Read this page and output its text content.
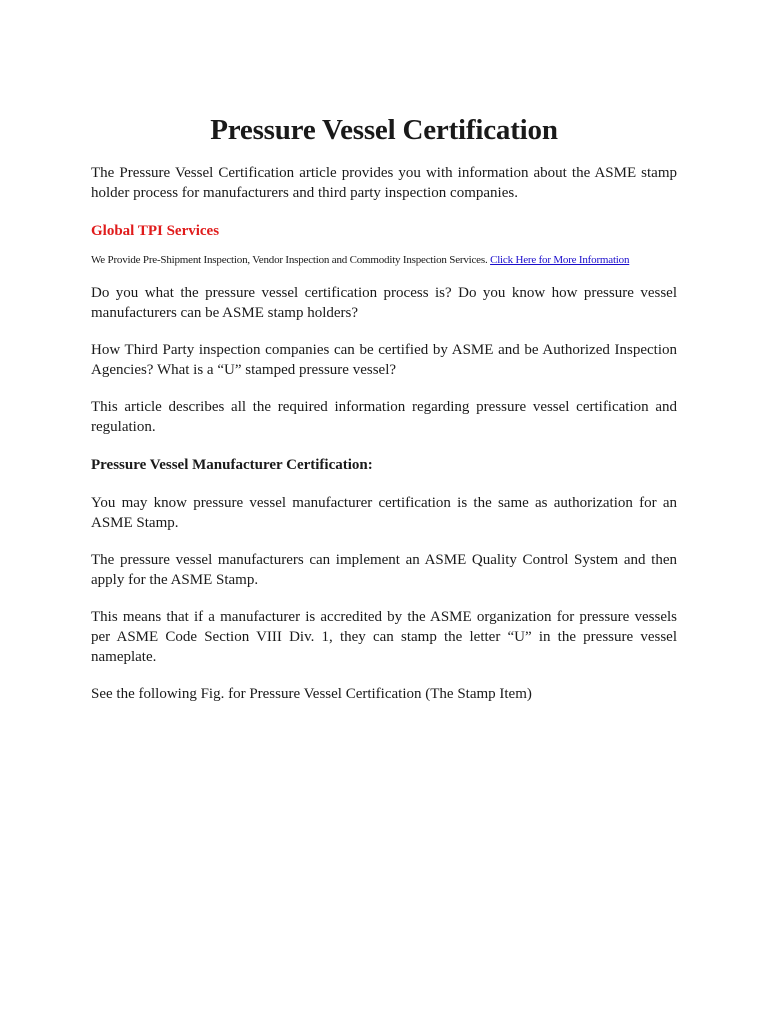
Pressure Vessel Certification

The Pressure Vessel Certification article provides you with information about the ASME stamp holder process for manufacturers and third party inspection companies.

Global TPI Services

We Provide Pre-Shipment Inspection, Vendor Inspection and Commodity Inspection Services. Click Here for More Information

Do you what the pressure vessel certification process is? Do you know how pressure vessel manufacturers can be ASME stamp holders?

How Third Party inspection companies can be certified by ASME and be Authorized Inspection Agencies? What is a “U” stamped pressure vessel?

This article describes all the required information regarding pressure vessel certification and regulation.

Pressure Vessel Manufacturer Certification:

You may know pressure vessel manufacturer certification is the same as authorization for an ASME Stamp.

The pressure vessel manufacturers can implement an ASME Quality Control System and then apply for the ASME Stamp.

This means that if a manufacturer is accredited by the ASME organization for pressure vessels per ASME Code Section VIII Div. 1, they can stamp the letter “U” in the pressure vessel nameplate.

See the following Fig. for Pressure Vessel Certification (The Stamp Item)
